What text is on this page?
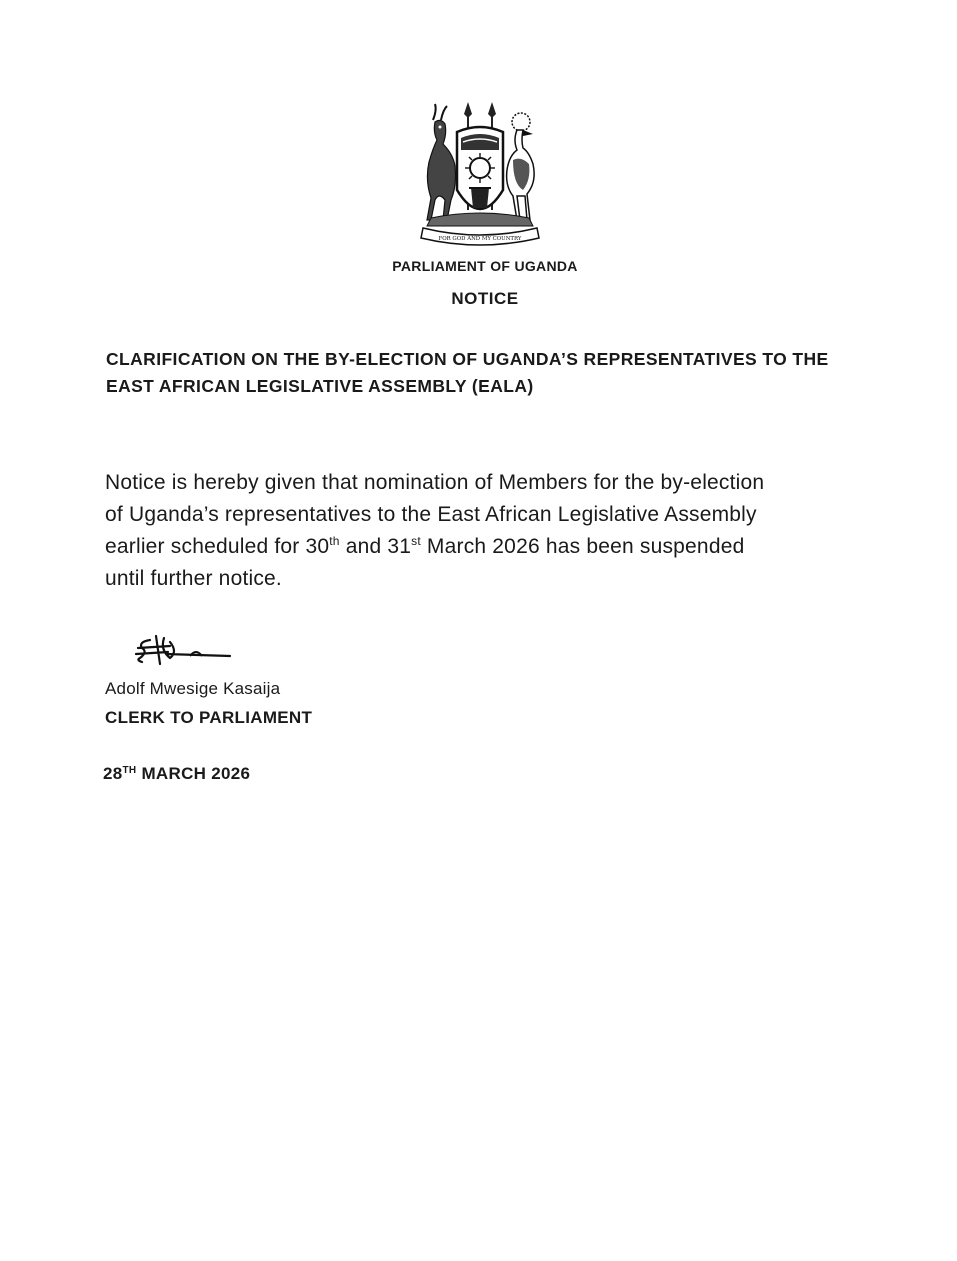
FOR GOD AND MY COUNTRY
PARLIAMENT OF UGANDA
NOTICE
CLARIFICATION ON THE BY-ELECTION OF UGANDA’S REPRESENTATIVES TO THE
EAST AFRICAN LEGISLATIVE ASSEMBLY (EALA)
Notice is hereby given that nomination of Members for the by-election
of Uganda’s representatives to the East African Legislative Assembly
earlier scheduled for 30th and 31st March 2026 has been suspended
until further notice.
Adolf Mwesige Kasaija
CLERK TO PARLIAMENT
28TH MARCH 2026
